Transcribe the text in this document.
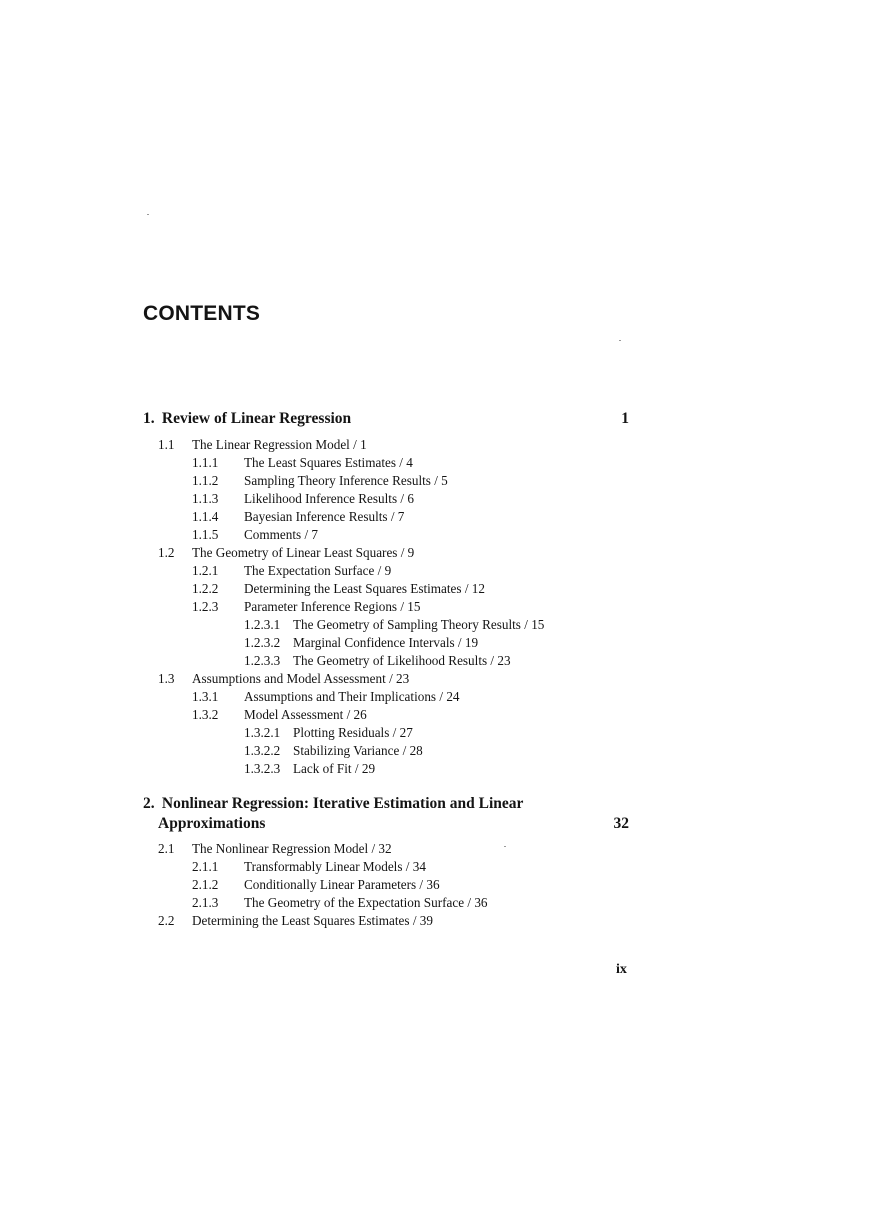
CONTENTS
1. Review of Linear Regression	1
1.1 The Linear Regression Model / 1
1.1.1 The Least Squares Estimates / 4
1.1.2 Sampling Theory Inference Results / 5
1.1.3 Likelihood Inference Results / 6
1.1.4 Bayesian Inference Results / 7
1.1.5 Comments / 7
1.2 The Geometry of Linear Least Squares / 9
1.2.1 The Expectation Surface / 9
1.2.2 Determining the Least Squares Estimates / 12
1.2.3 Parameter Inference Regions / 15
1.2.3.1 The Geometry of Sampling Theory Results / 15
1.2.3.2 Marginal Confidence Intervals / 19
1.2.3.3 The Geometry of Likelihood Results / 23
1.3 Assumptions and Model Assessment / 23
1.3.1 Assumptions and Their Implications / 24
1.3.2 Model Assessment / 26
1.3.2.1 Plotting Residuals / 27
1.3.2.2 Stabilizing Variance / 28
1.3.2.3 Lack of Fit / 29
2. Nonlinear Regression: Iterative Estimation and Linear
Approximations	32
2.1 The Nonlinear Regression Model / 32
2.1.1 Transformably Linear Models / 34
2.1.2 Conditionally Linear Parameters / 36
2.1.3 The Geometry of the Expectation Surface / 36
2.2 Determining the Least Squares Estimates / 39
ix
